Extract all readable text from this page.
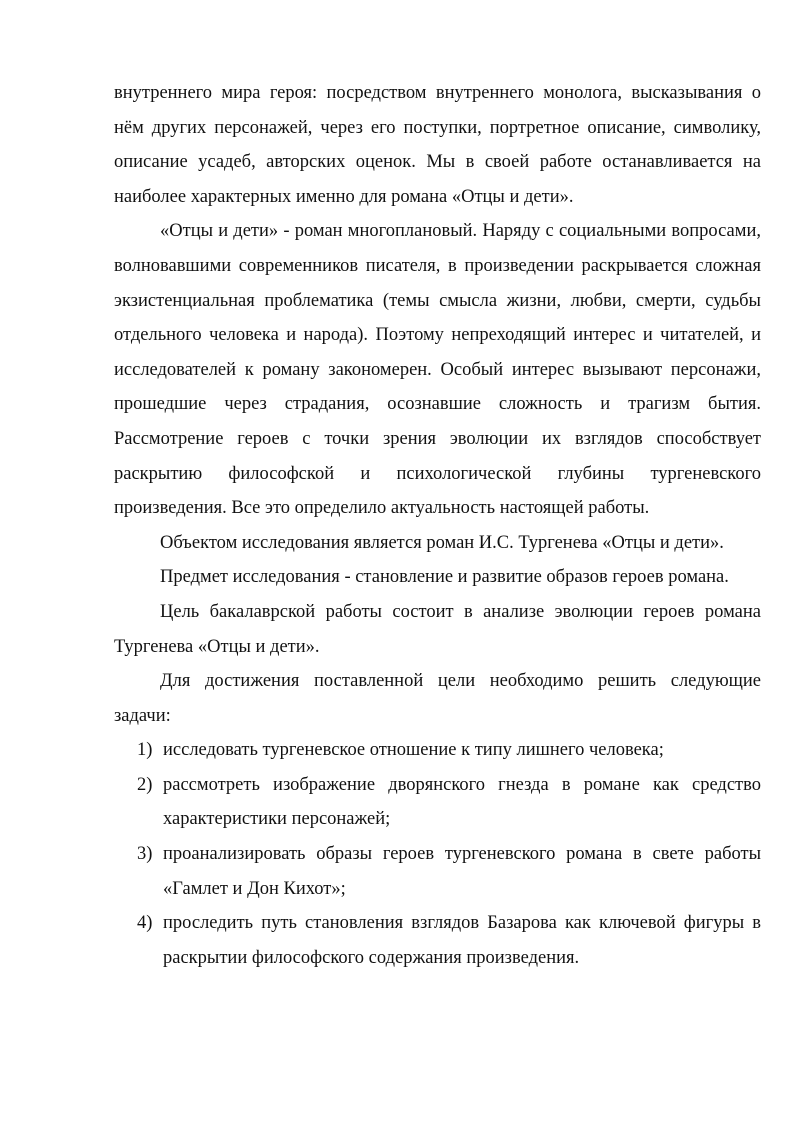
внутреннего мира героя: посредством внутреннего монолога, высказывания о нём других персонажей, через его поступки, портретное описание, символику, описание усадеб, авторских оценок. Мы в своей работе останавливается на наиболее характерных именно для романа «Отцы и дети».

«Отцы и дети» - роман многоплановый. Наряду с социальными вопросами, волновавшими современников писателя, в произведении раскрывается сложная экзистенциальная проблематика (темы смысла жизни, любви, смерти, судьбы отдельного человека и народа). Поэтому непреходящий интерес и читателей, и исследователей к роману закономерен. Особый интерес вызывают персонажи, прошедшие через страдания, осознавшие сложность и трагизм бытия. Рассмотрение героев с точки зрения эволюции их взглядов способствует раскрытию философской и психологической глубины тургеневского произведения. Все это определило актуальность настоящей работы.

Объектом исследования является роман И.С. Тургенева «Отцы и дети».

Предмет исследования - становление и развитие образов героев романа.

Цель бакалаврской работы состоит в анализе эволюции героев романа Тургенева «Отцы и дети».

Для достижения поставленной цели необходимо решить следующие задачи:

1) исследовать тургеневское отношение к типу лишнего человека;
2) рассмотреть изображение дворянского гнезда в романе как средство характеристики персонажей;
3) проанализировать образы героев тургеневского романа в свете работы «Гамлет и Дон Кихот»;
4) проследить путь становления взглядов Базарова как ключевой фигуры в раскрытии философского содержания произведения.
